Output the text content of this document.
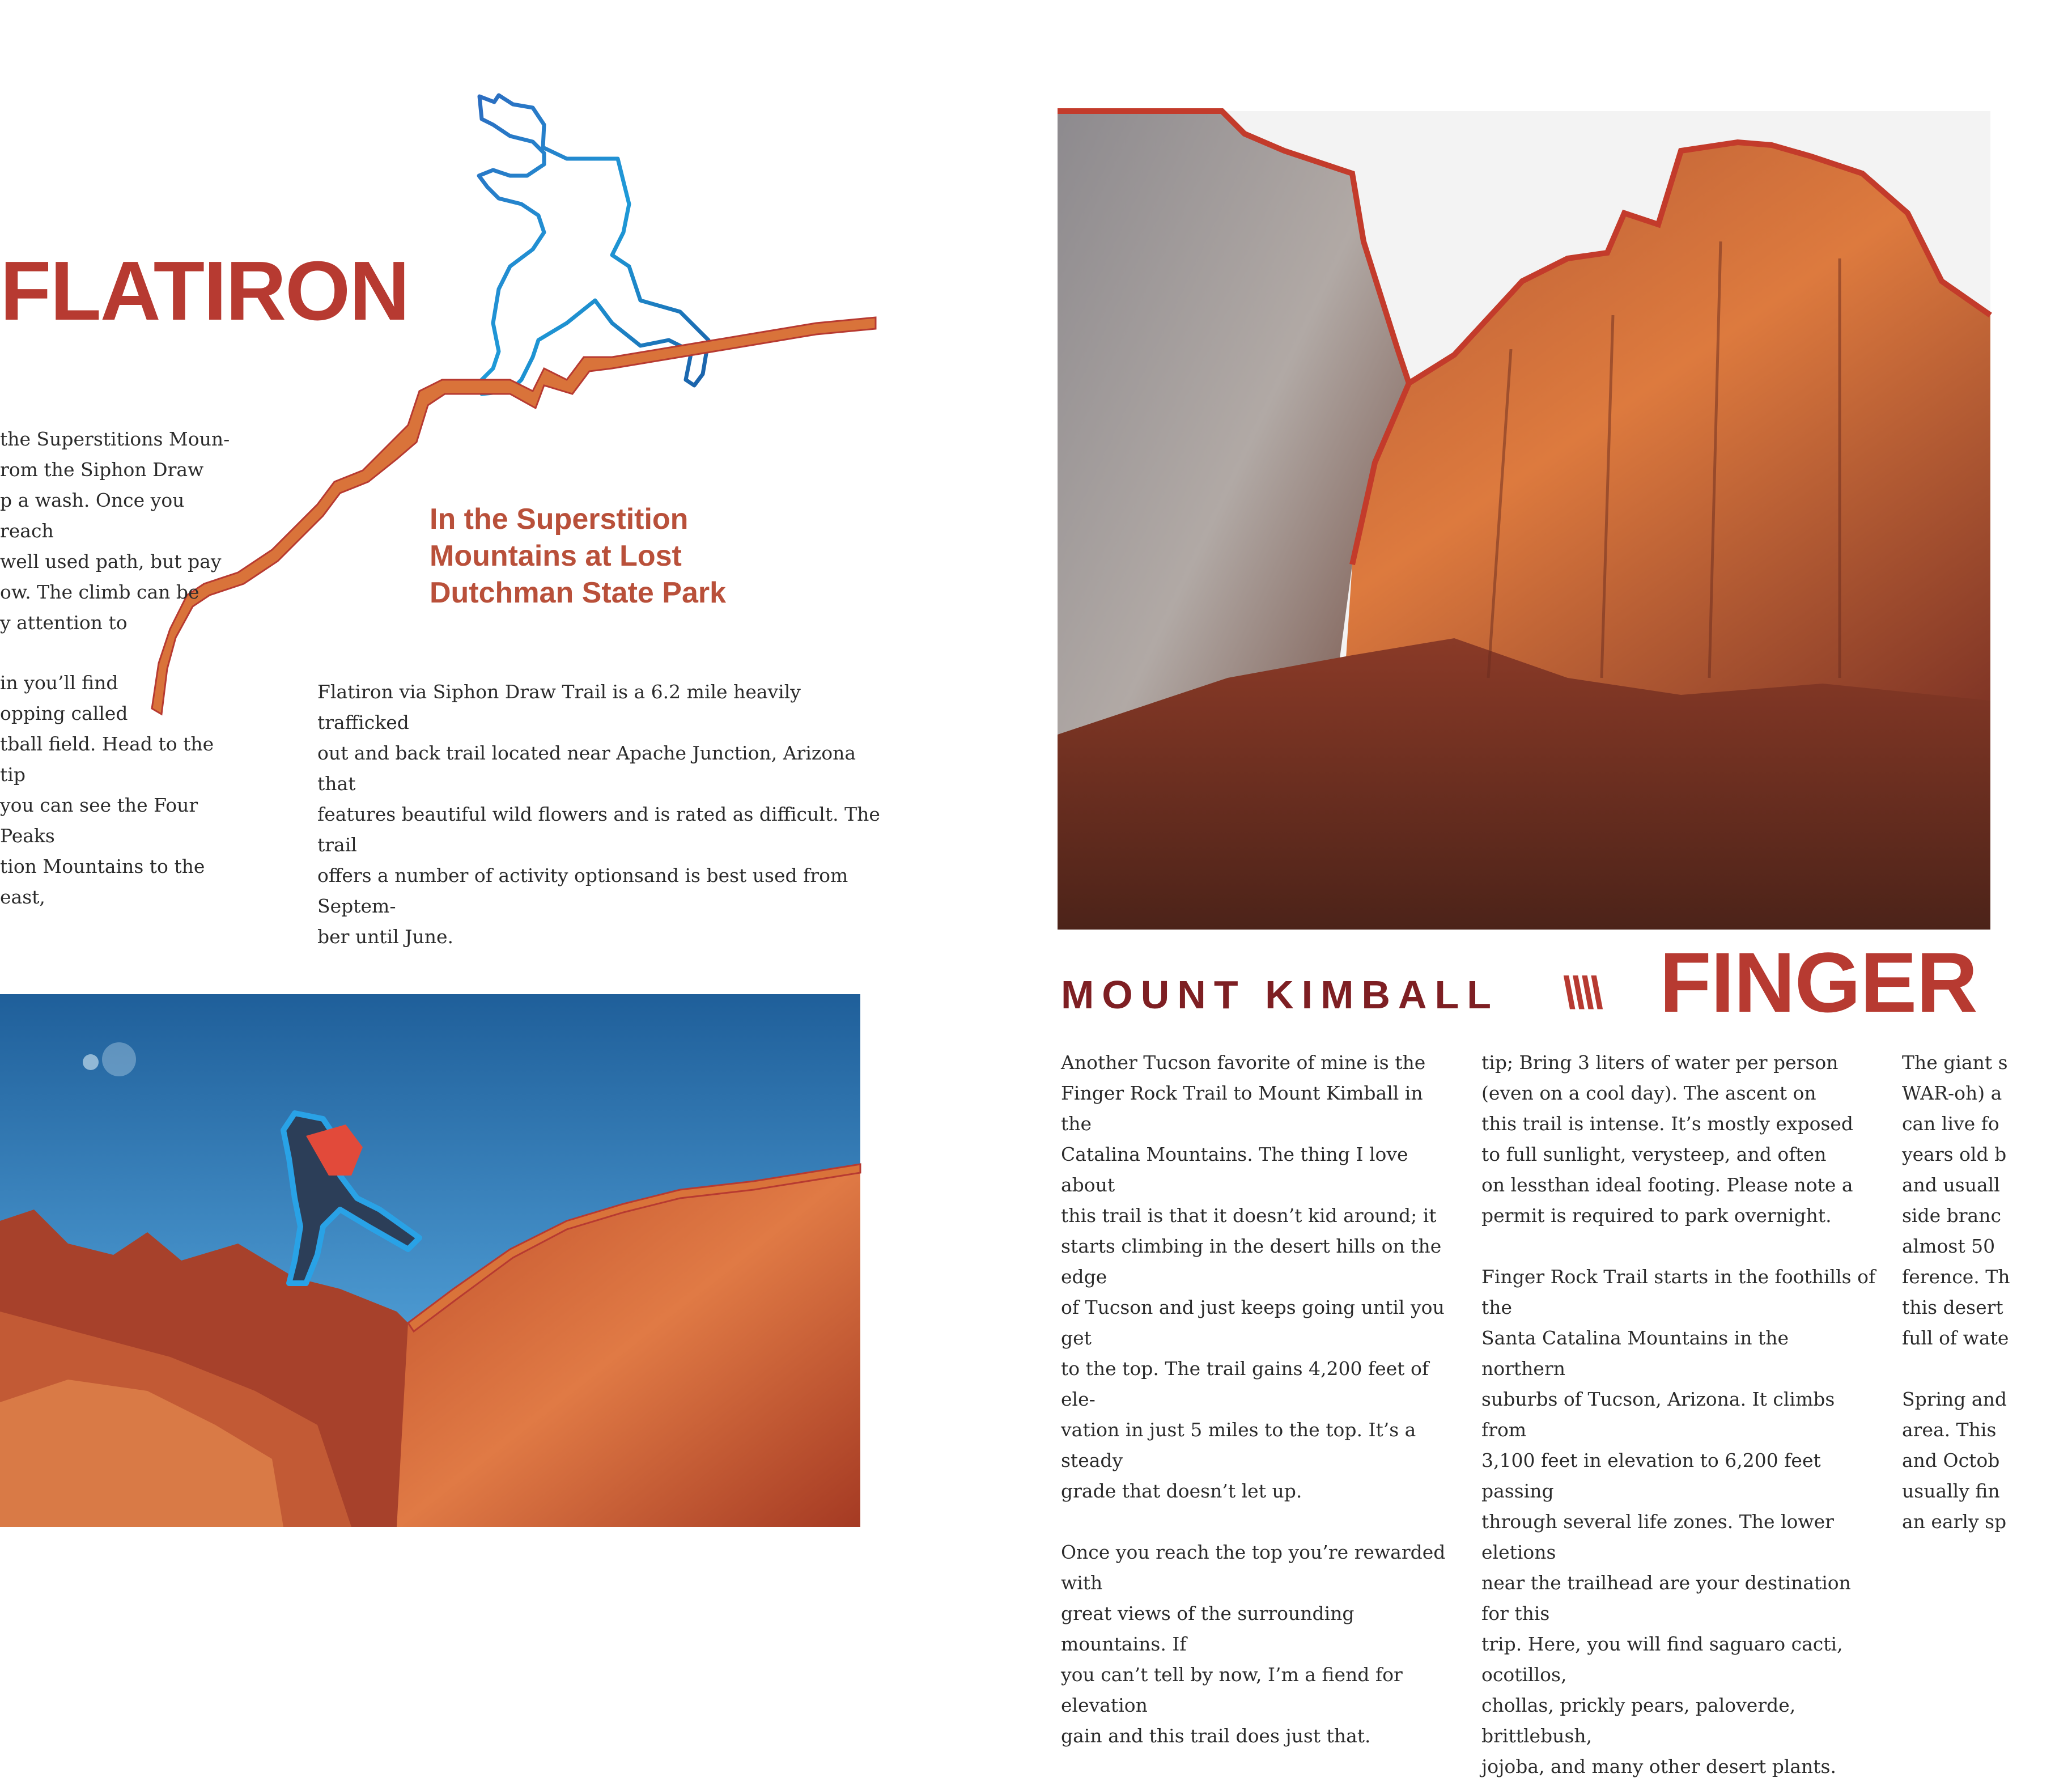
FLATIRON
the Superstitions Moun-
rom the Siphon Draw
p a wash. Once you reach
well used path, but pay
ow. The climb can be
y attention to
in you’ll find
opping called
tball field. Head to the tip
you can see the Four Peaks
tion Mountains to the east,
In the Superstition Mountains at Lost Dutchman State Park
Flatiron via Siphon Draw Trail is a 6.2 mile heavily trafficked
out and back trail located near Apache Junction, Arizona that
features beautiful wild flowers and is rated as difficult. The trail
offers a number of activity optionsand is best used from Septem-
ber until June.
MOUNT KIMBALL \\\\ FINGER
Another Tucson favorite of mine is the
Finger Rock Trail to Mount Kimball in the
Catalina Mountains. The thing I love about
this trail is that it doesn’t kid around; it
starts climbing in the desert hills on the edge
of Tucson and just keeps going until you get
to the top. The trail gains 4,200 feet of ele-
vation in just 5 miles to the top. It’s a steady
grade that doesn’t let up.

Once you reach the top you’re rewarded with
great views of the surrounding mountains. If
you can’t tell by now, I’m a fiend for elevation
gain and this trail does just that.
tip; Bring 3 liters of water per person
(even on a cool day). The ascent on
this trail is intense. It’s mostly exposed
to full sunlight, verysteep, and often
on lessthan ideal footing. Please note a
permit is required to park overnight.

Finger Rock Trail starts in the foothills of the
Santa Catalina Mountains in the northern
suburbs of Tucson, Arizona. It climbs from
3,100 feet in elevation to 6,200 feet passing
through several life zones. The lower eletions
near the trailhead are your destination for this
trip. Here, you will find saguaro cacti, ocotillos,
chollas, prickly pears, paloverde, brittlebush,
jojoba, and many other desert plants.
The giant s
WAR-oh) a
can live fo
years old b
and usuall
side branc
almost 50
ference. Th
this desert
full of wate

Spring and
area. This
and Octob
usually fin
an early sp
